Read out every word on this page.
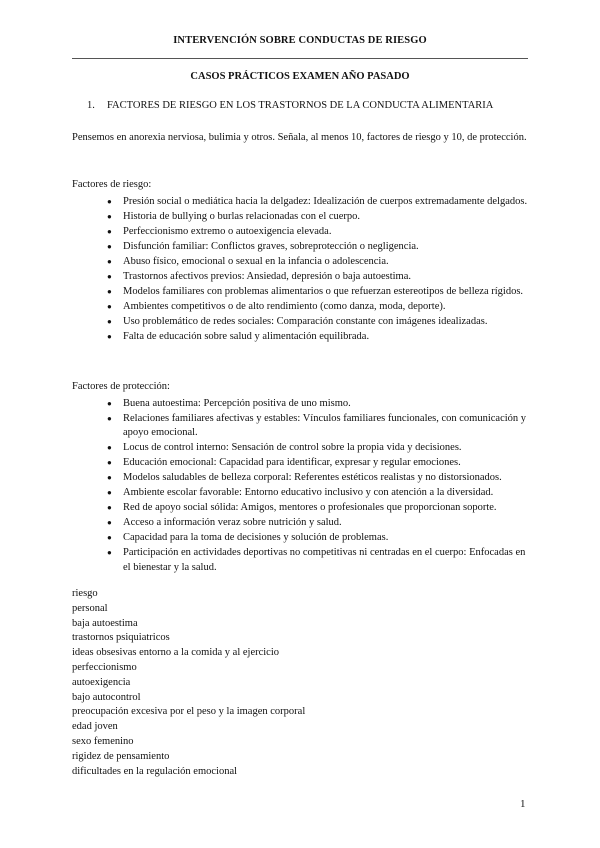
INTERVENCIÓN SOBRE CONDUCTAS DE RIESGO
CASOS PRÁCTICOS EXAMEN AÑO PASADO
1. FACTORES DE RIESGO EN LOS TRASTORNOS DE LA CONDUCTA ALIMENTARIA
Pensemos en anorexia nerviosa, bulimia y otros. Señala, al menos 10, factores de riesgo y 10, de protección.
Factores de riesgo:
● Presión social o mediática hacia la delgadez: Idealización de cuerpos extremadamente delgados.
● Historia de bullying o burlas relacionadas con el cuerpo.
● Perfeccionismo extremo o autoexigencia elevada.
● Disfunción familiar: Conflictos graves, sobreprotección o negligencia.
● Abuso físico, emocional o sexual en la infancia o adolescencia.
● Trastornos afectivos previos: Ansiedad, depresión o baja autoestima.
● Modelos familiares con problemas alimentarios o que refuerzan estereotipos de belleza rígidos.
● Ambientes competitivos o de alto rendimiento (como danza, moda, deporte).
● Uso problemático de redes sociales: Comparación constante con imágenes idealizadas.
● Falta de educación sobre salud y alimentación equilibrada.
Factores de protección:
● Buena autoestima: Percepción positiva de uno mismo.
● Relaciones familiares afectivas y estables: Vínculos familiares funcionales, con comunicación y apoyo emocional.
● Locus de control interno: Sensación de control sobre la propia vida y decisiones.
● Educación emocional: Capacidad para identificar, expresar y regular emociones.
● Modelos saludables de belleza corporal: Referentes estéticos realistas y no distorsionados.
● Ambiente escolar favorable: Entorno educativo inclusivo y con atención a la diversidad.
● Red de apoyo social sólida: Amigos, mentores o profesionales que proporcionan soporte.
● Acceso a información veraz sobre nutrición y salud.
● Capacidad para la toma de decisiones y solución de problemas.
● Participación en actividades deportivas no competitivas ni centradas en el cuerpo: Enfocadas en el bienestar y la salud.
riesgo
personal
baja autoestima
trastornos psiquiatricos
ideas obsesivas entorno a la comida y al ejercicio
perfeccionismo
autoexigencia
bajo autocontrol
preocupación excesiva por el peso y la imagen corporal
edad joven
sexo femenino
rigidez de pensamiento
dificultades en la regulación emocional
1
